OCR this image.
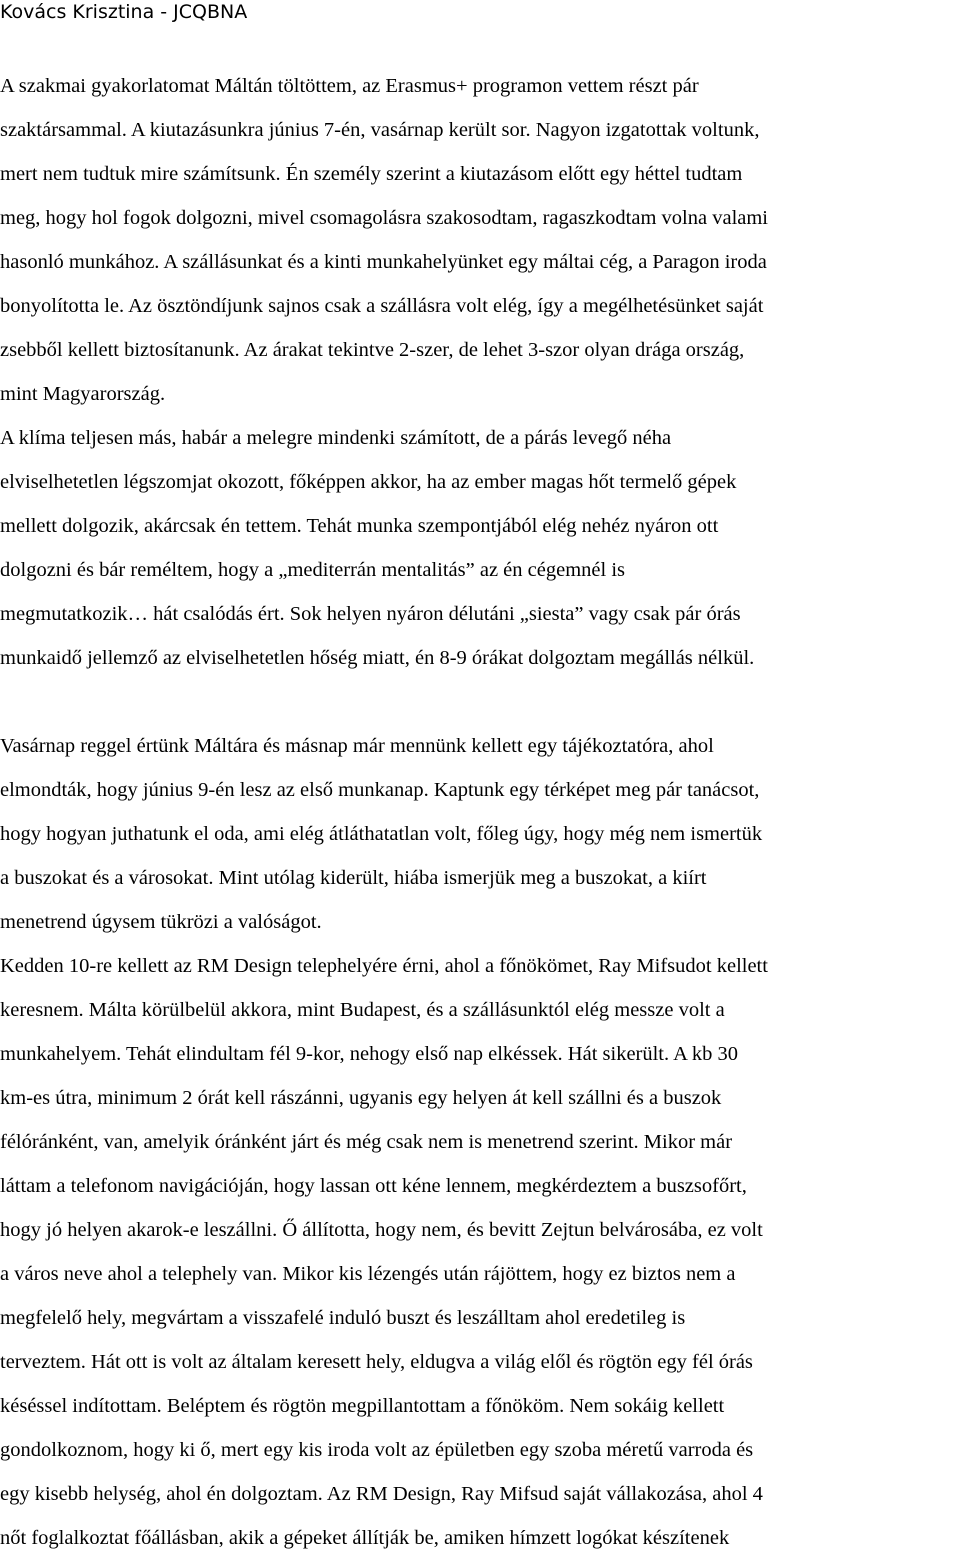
Kovács Krisztina - JCQBNA
A szakmai gyakorlatomat Máltán töltöttem, az Erasmus+ programon vettem részt pár
szaktársammal. A kiutazásunkra június 7-én, vasárnap került sor. Nagyon izgatottak voltunk,
mert nem tudtuk mire számítsunk. Én személy szerint a kiutazásom előtt egy héttel tudtam
meg, hogy hol fogok dolgozni, mivel csomagolásra szakosodtam, ragaszkodtam volna valami
hasonló munkához. A szállásunkat és a kinti munkahelyünket egy máltai cég, a Paragon iroda
bonyolította le. Az ösztöndíjunk sajnos csak a szállásra volt elég, így a megélhetésünket saját
zsebből kellett biztosítanunk. Az árakat tekintve 2-szer, de lehet 3-szor olyan drága ország,
mint Magyarország.
A klíma teljesen más, habár a melegre mindenki számított, de a párás levegő néha
elviselhetetlen légszomjat okozott, főképpen akkor, ha az ember magas hőt termelő gépek
mellett dolgozik, akárcsak én tettem. Tehát munka szempontjából elég nehéz nyáron ott
dolgozni és bár reméltem, hogy a „mediterrán mentalitás” az én cégemnél is
megmutatkozik… hát csalódás ért. Sok helyen nyáron délutáni „siesta” vagy csak pár órás
munkaidő jellemző az elviselhetetlen hőség miatt, én 8-9 órákat dolgoztam megállás nélkül.
Vasárnap reggel értünk Máltára és másnap már mennünk kellett egy tájékoztatóra, ahol
elmondták, hogy június 9-én lesz az első munkanap. Kaptunk egy térképet meg pár tanácsot,
hogy hogyan juthatunk el oda, ami elég átláthatatlan volt, főleg úgy, hogy még nem ismertük
a buszokat és a városokat. Mint utólag kiderült, hiába ismerjük meg a buszokat, a kiírt
menetrend úgysem tükrözi a valóságot.
Kedden 10-re kellett az RM Design telephelyére érni, ahol a főnökömet, Ray Mifsudot kellett
keresnem. Málta körülbelül akkora, mint Budapest, és a szállásunktól elég messze volt a
munkahelyem. Tehát elindultam fél 9-kor, nehogy első nap elkéssek. Hát sikerült. A kb 30
km-es útra, minimum 2 órát kell rászánni, ugyanis egy helyen át kell szállni és a buszok
félóránként, van, amelyik óránként járt és még csak nem is menetrend szerint. Mikor már
láttam a telefonom navigációján, hogy lassan ott kéne lennem, megkérdeztem a buszsofőrt,
hogy jó helyen akarok-e leszállni. Ő állította, hogy nem, és bevitt Zejtun belvárosába, ez volt
a város neve ahol a telephely van. Mikor kis lézengés után rájöttem, hogy ez biztos nem a
megfelelő hely, megvártam a visszafelé induló buszt és leszálltam ahol eredetileg is
terveztem. Hát ott is volt az általam keresett hely, eldugva a világ elől és rögtön egy fél órás
késéssel indítottam. Beléptem és rögtön megpillantottam a főnököm. Nem sokáig kellett
gondolkoznom, hogy ki ő, mert egy kis iroda volt az épületben egy szoba méretű varroda és
egy kisebb helység, ahol én dolgoztam. Az RM Design, Ray Mifsud saját vállakozása, ahol 4
nőt foglalkoztat főállásban, akik a gépeket állítják be, amiken hímzett logókat készítenek
